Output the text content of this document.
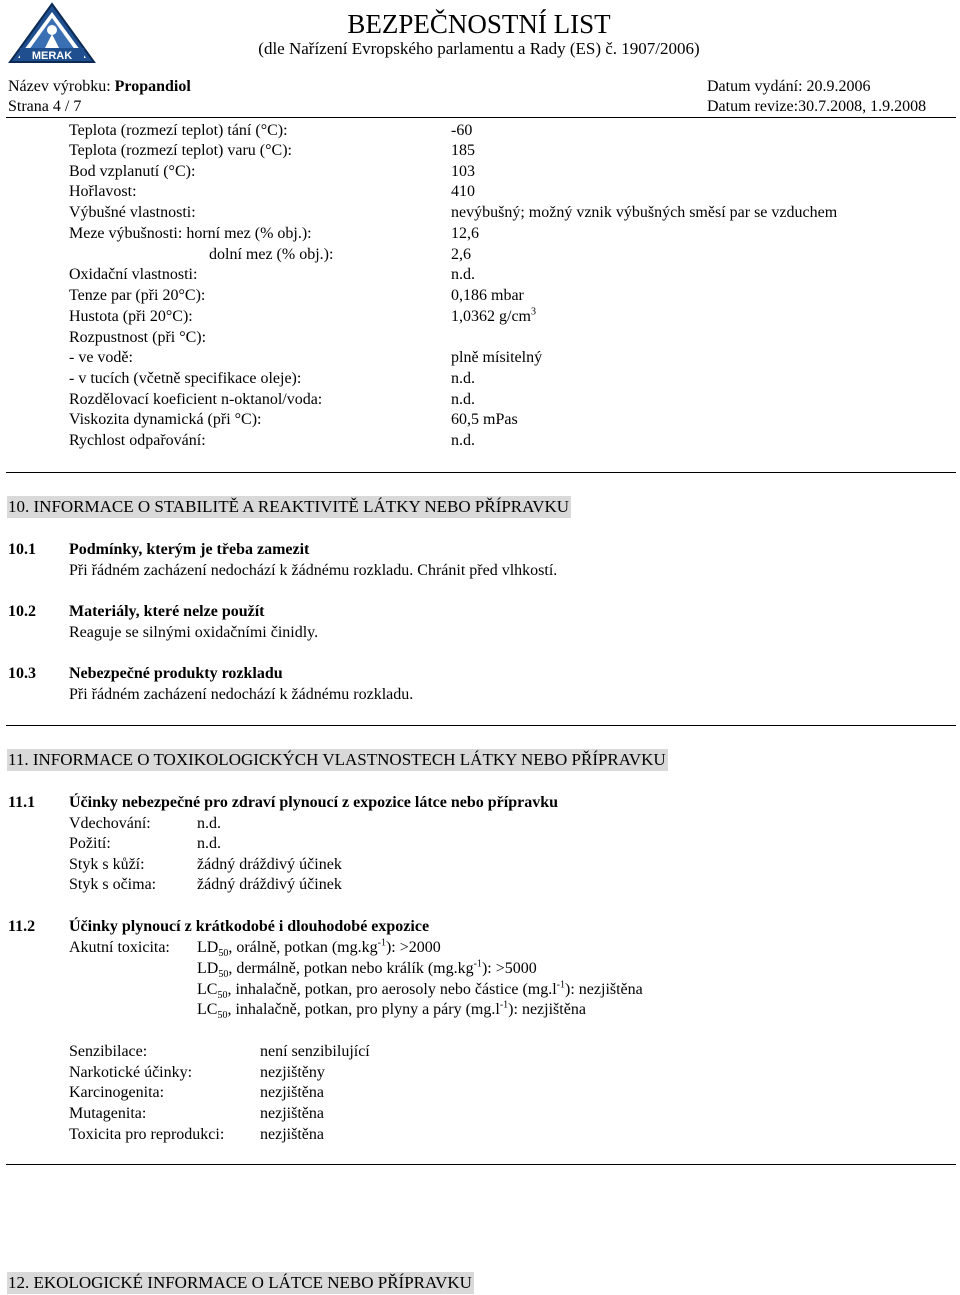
MERAK
BEZPEČNOSTNÍ LIST
(dle Nařízení Evropského parlamentu a Rady (ES) č. 1907/2006)
Název výrobku: Propandiol	Datum vydání: 20.9.2006
Strana 4 / 7	Datum revize:30.7.2008, 1.9.2008
Teplota (rozmezí teplot) tání (°C):	-60
Teplota (rozmezí teplot) varu (°C):	185
Bod vzplanutí (°C):	103
Hořlavost:	410
Výbušné vlastnosti:	nevýbušný; možný vznik výbušných směsí par se vzduchem
Meze výbušnosti: horní mez (% obj.):	12,6
dolní mez (% obj.):	2,6
Oxidační vlastnosti:	n.d.
Tenze par (při 20°C):	0,186 mbar
Hustota (při 20°C):	1,0362 $g/cm^3$
Rozpustnost (při °C):
- ve vodě:	plně mísitelný
- v tucích (včetně specifikace oleje):	n.d.
Rozdělovací koeficient n-oktanol/voda:	n.d.
Viskozita dynamická (při °C):	60,5 mPas
Rychlost odpařování:	n.d.
10. INFORMACE O STABILITĚ A REAKTIVITĚ LÁTKY NEBO PŘÍPRAVKU
10.1 Podmínky, kterým je třeba zamezit
Při řádném zacházení nedochází k žádnému rozkladu. Chránit před vlhkostí.
10.2 Materiály, které nelze použít
Reaguje se silnými oxidačními činidly.
10.3 Nebezpečné produkty rozkladu
Při řádném zacházení nedochází k žádnému rozkladu.
11. INFORMACE O TOXIKOLOGICKÝCH VLASTNOSTECH LÁTKY NEBO PŘÍPRAVKU
11.1 Účinky nebezpečné pro zdraví plynoucí z expozice látce nebo přípravku
Vdechování:	n.d.
Požití:	n.d.
Styk s kůží:	žádný dráždivý účinek
Styk s očima:	žádný dráždivý účinek
11.2 Účinky plynoucí z krátkodobé i dlouhodobé expozice
Akutní toxicita: $LD_{50}$, orálně, potkan $(mg.kg^{-1})$: >2000
$LD_{50}$, dermálně, potkan nebo králík $(mg.kg^{-1})$: >5000
$LC_{50}$, inhalačně, potkan, pro aerosoly nebo částice $(mg.l^{-1})$: nezjištěna
$LC_{50}$, inhalačně, potkan, pro plyny a páry $(mg.l^{-1})$: nezjištěna
Senzibilace:	není senzibilující
Narkotické účinky:	nezjištěny
Karcinogenita:	nezjištěna
Mutagenita:	nezjištěna
Toxicita pro reprodukci: nezjištěna
12. EKOLOGICKÉ INFORMACE O LÁTCE NEBO PŘÍPRAVKU
